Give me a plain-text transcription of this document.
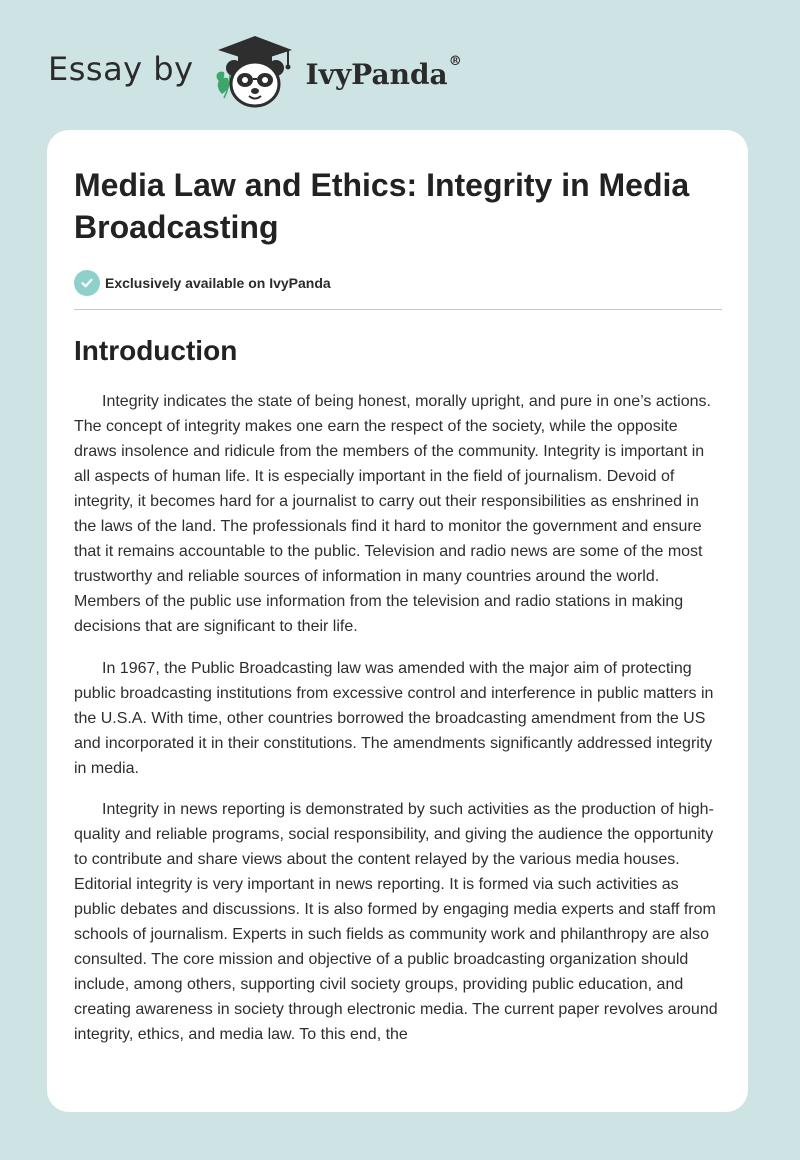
Essay by	IvyPanda®
Media Law and Ethics: Integrity in Media Broadcasting
Exclusively available on IvyPanda
Introduction

Integrity indicates the state of being honest, morally upright, and pure in one’s actions. The concept of integrity makes one earn the respect of the society, while the opposite draws insolence and ridicule from the members of the community. Integrity is important in all aspects of human life. It is especially important in the field of journalism. Devoid of integrity, it becomes hard for a journalist to carry out their responsibilities as enshrined in the laws of the land. The professionals find it hard to monitor the government and ensure that it remains accountable to the public. Television and radio news are some of the most trustworthy and reliable sources of information in many countries around the world. Members of the public use information from the television and radio stations in making decisions that are significant to their life.

In 1967, the Public Broadcasting law was amended with the major aim of protecting public broadcasting institutions from excessive control and interference in public matters in the U.S.A. With time, other countries borrowed the broadcasting amendment from the US and incorporated it in their constitutions. The amendments significantly addressed integrity in media.

Integrity in news reporting is demonstrated by such activities as the production of high-quality and reliable programs, social responsibility, and giving the audience the opportunity to contribute and share views about the content relayed by the various media houses. Editorial integrity is very important in news reporting. It is formed via such activities as public debates and discussions. It is also formed by engaging media experts and staff from schools of journalism. Experts in such fields as community work and philanthropy are also consulted. The core mission and objective of a public broadcasting organization should include, among others, supporting civil society groups, providing public education, and creating awareness in society through electronic media. The current paper revolves around integrity, ethics, and media law. To this end, the
